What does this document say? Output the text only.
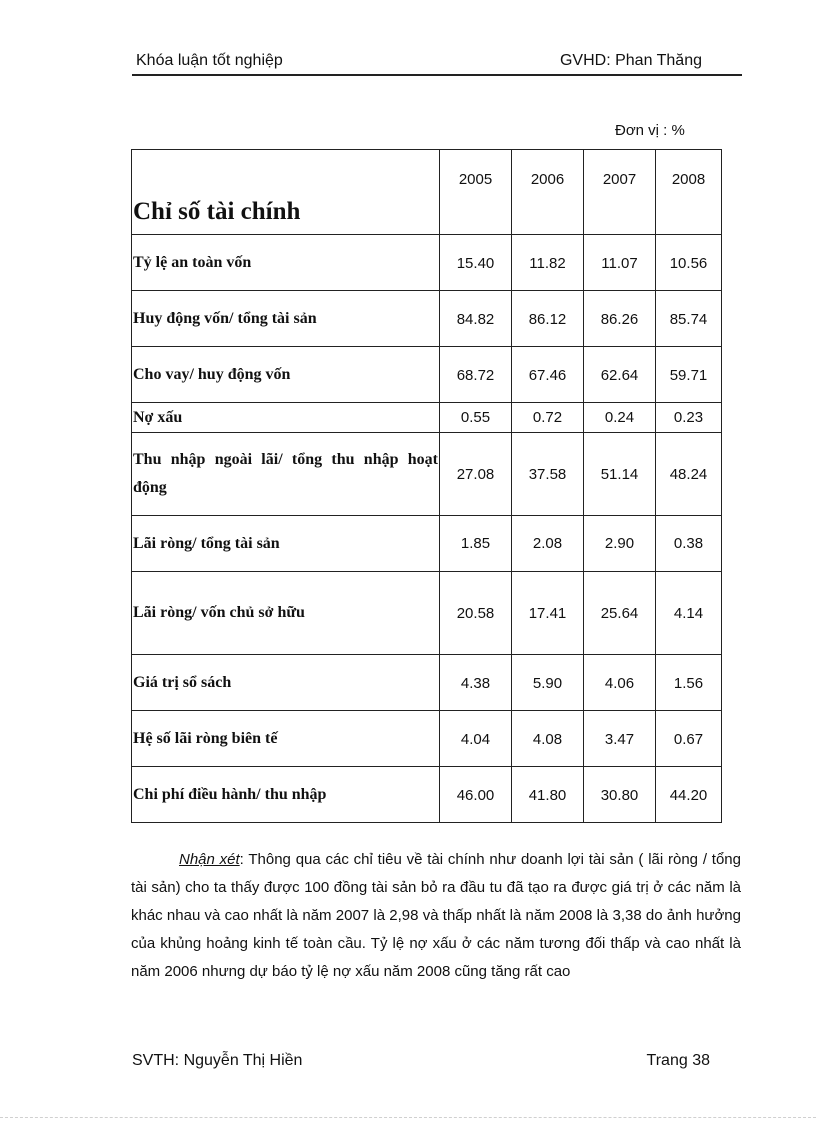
Khóa luận tốt nghiệp	GVHD: Phan Thăng
Đơn vị : %
Chỉ số tài chính	2005	2006	2007	2008
Tỷ lệ an toàn vốn	15.40	11.82	11.07	10.56
Huy động vốn/ tổng tài sản	84.82	86.12	86.26	85.74
Cho vay/ huy động vốn	68.72	67.46	62.64	59.71
Nợ xấu	0.55	0.72	0.24	0.23
Thu nhập ngoài lãi/ tổng thu nhập hoạt động	27.08	37.58	51.14	48.24
Lãi ròng/ tổng tài sản	1.85	2.08	2.90	0.38
Lãi ròng/ vốn chủ sở hữu	20.58	17.41	25.64	4.14
Giá trị sổ sách	4.38	5.90	4.06	1.56
Hệ số lãi ròng biên tế	4.04	4.08	3.47	0.67
Chi phí điều hành/ thu nhập	46.00	41.80	30.80	44.20
Nhận xét: Thông qua các chỉ tiêu về tài chính như doanh lợi tài sản ( lãi ròng / tổng tài sản) cho ta thấy được 100 đồng tài sản bỏ ra đầu tu đã tạo ra được giá trị ở các năm là khác nhau và cao nhất là năm 2007 là 2,98 và thấp nhất là năm 2008 là 3,38 do ảnh hưởng của khủng hoảng kinh tế toàn cầu. Tỷ lệ nợ xấu ở các năm tương đối thấp và cao nhất là năm 2006 nhưng dự báo tỷ lệ nợ xấu năm 2008 cũng tăng rất cao
SVTH: Nguyễn Thị Hiền	Trang 38
